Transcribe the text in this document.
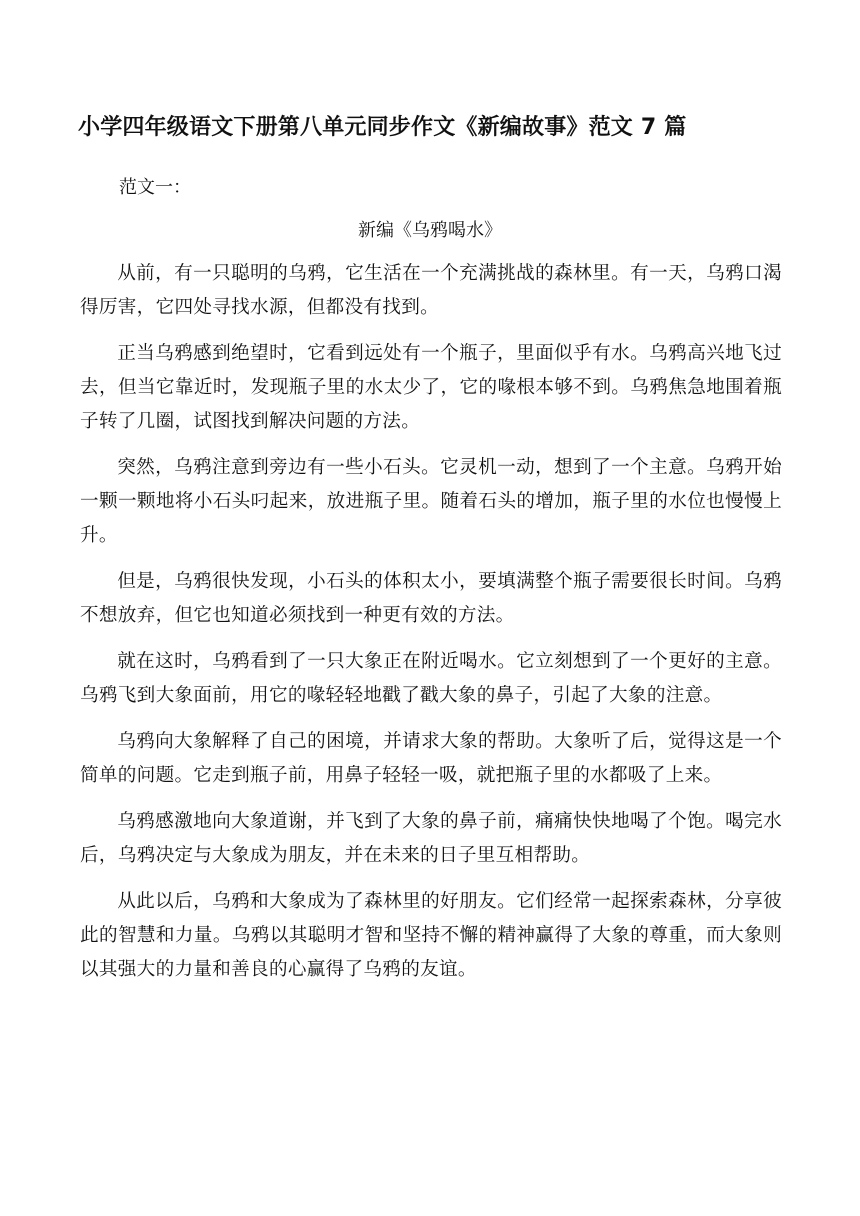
小学四年级语文下册第八单元同步作文《新编故事》范文 7 篇

范文一：

新编《乌鸦喝水》

从前，有一只聪明的乌鸦，它生活在一个充满挑战的森林里。有一天，乌鸦口渴得厉害，它四处寻找水源，但都没有找到。

正当乌鸦感到绝望时，它看到远处有一个瓶子，里面似乎有水。乌鸦高兴地飞过去，但当它靠近时，发现瓶子里的水太少了，它的喙根本够不到。乌鸦焦急地围着瓶子转了几圈，试图找到解决问题的方法。

突然，乌鸦注意到旁边有一些小石头。它灵机一动，想到了一个主意。乌鸦开始一颗一颗地将小石头叼起来，放进瓶子里。随着石头的增加，瓶子里的水位也慢慢上升。

但是，乌鸦很快发现，小石头的体积太小，要填满整个瓶子需要很长时间。乌鸦不想放弃，但它也知道必须找到一种更有效的方法。

就在这时，乌鸦看到了一只大象正在附近喝水。它立刻想到了一个更好的主意。乌鸦飞到大象面前，用它的喙轻轻地戳了戳大象的鼻子，引起了大象的注意。

乌鸦向大象解释了自己的困境，并请求大象的帮助。大象听了后，觉得这是一个简单的问题。它走到瓶子前，用鼻子轻轻一吸，就把瓶子里的水都吸了上来。

乌鸦感激地向大象道谢，并飞到了大象的鼻子前，痛痛快快地喝了个饱。喝完水后，乌鸦决定与大象成为朋友，并在未来的日子里互相帮助。

从此以后，乌鸦和大象成为了森林里的好朋友。它们经常一起探索森林，分享彼此的智慧和力量。乌鸦以其聪明才智和坚持不懈的精神赢得了大象的尊重，而大象则以其强大的力量和善良的心赢得了乌鸦的友谊。
